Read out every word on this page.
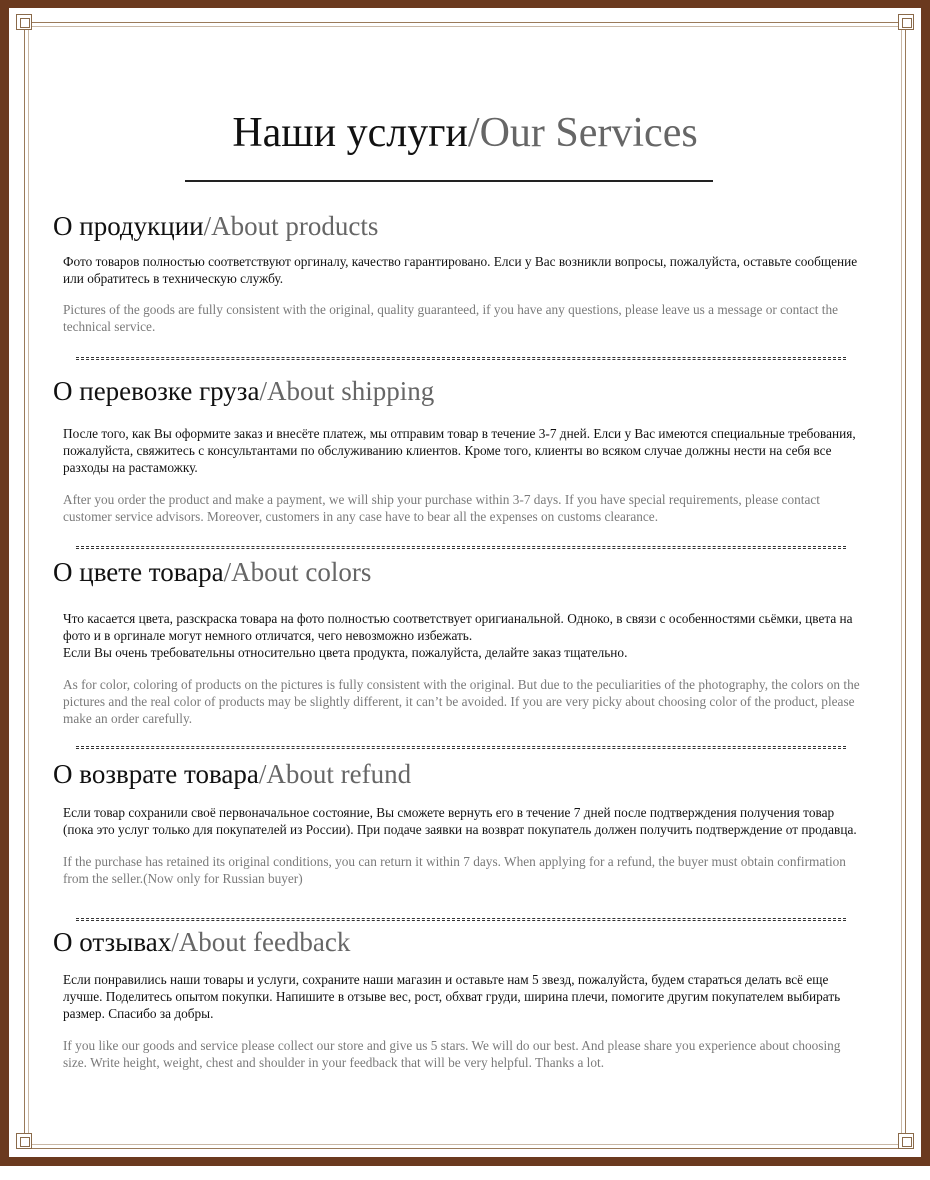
Наши услуги/Our Services
О продукции/About products
Фото товаров полностью соответствуют оргиналу, качество гарантировано. Елси у Вас возникли вопросы, пожалуйста, оставьте сообщение или обратитесь в техническую службу.
Pictures of the goods are fully consistent with the original, quality guaranteed, if you have any questions, please leave us a message or contact the technical service.
О перевозке груза/About shipping
После того, как Вы оформите заказ и внесёте платеж, мы отправим товар в течение 3-7 дней. Елси у Вас имеются специальные требования, пожалуйста, свяжитесь с консультантами по обслуживанию клиентов. Кроме того, клиенты во всяком случае должны нести на себя все разходы на растаможку.
After you order the product and make a payment, we will ship your purchase within 3-7 days. If you have special requirements, please contact customer service advisors. Moreover, customers in any case have to bear all the expenses on customs clearance.
О цвете товара/About colors
Что касается цвета, разскраска товара на фото полностью соответствует оригианальной. Одноко, в связи с особенностями сьёмки, цвета на фото и в оргинале могут немного отличатся, чего невозможно избежать.
Если Вы очень требовательны относительно цвета продукта, пожалуйста, делайте заказ тщательно.
As for color, coloring of products on the pictures is fully consistent with the original. But due to the peculiarities of the photography, the colors on the pictures and the real color of products may be slightly different, it can’t be avoided. If you are very picky about choosing color of the product, please make an order carefully.
О возврате товара/About refund
Если товар сохранили своё первоначальное состояние, Вы сможете вернуть его в течение 7 дней после подтверждения получения товар (пока это услуг только для покупателей из России). При подаче заявки на возврат покупатель должен получить подтверждение от продавца.
If the purchase has retained its original conditions, you can return it within 7 days. When applying for a refund, the buyer must obtain confirmation from the seller.(Now only for Russian buyer)
О отзывах/About feedback
Если понравились наши товары и услуги, сохраните наши магазин и оставьте нам 5 звезд, пожалуйста, будем стараться делать всё еще лучше. Поделитесь опытом покупки. Напишите в отзыве вес, рост, обхват груди, ширина плечи, помогите другим покупателем выбирать размер. Спасибо за добры.
If you like our goods and service please collect our store and give us 5 stars. We will do our best. And please share you experience about choosing size. Write height, weight, chest and shoulder in your feedback that will be very helpful. Thanks a lot.
